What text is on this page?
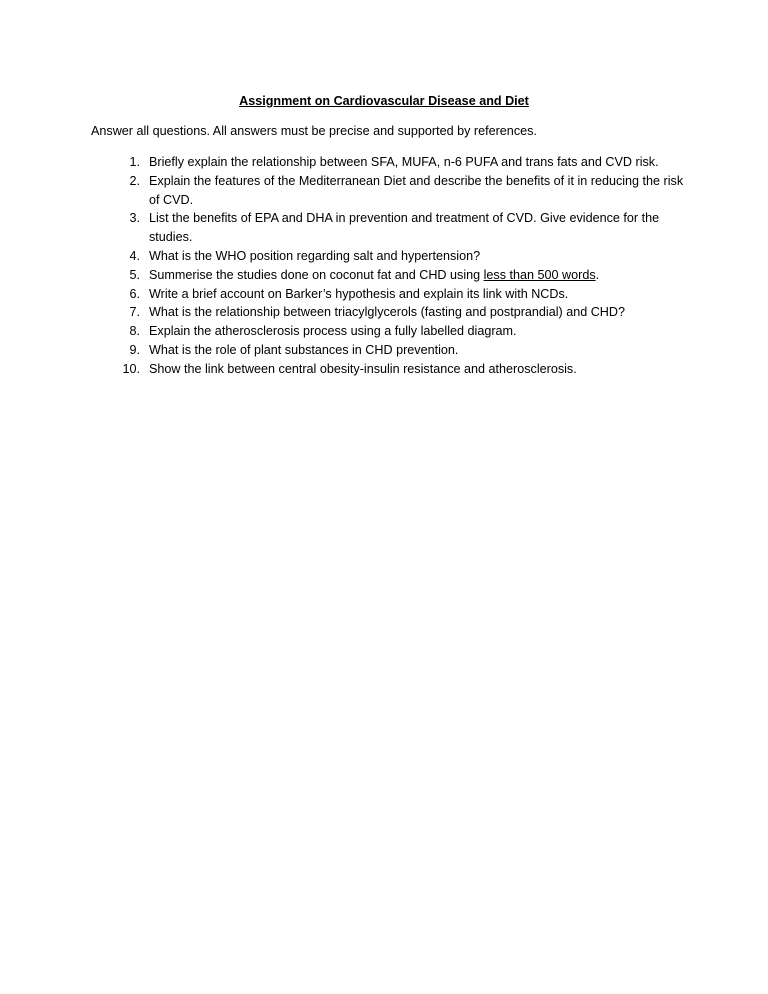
Assignment on Cardiovascular Disease and Diet
Answer all questions. All answers must be precise and supported by references.
1. Briefly explain the relationship between SFA, MUFA, n-6 PUFA and trans fats and CVD risk.
2. Explain the features of the Mediterranean Diet and describe the benefits of it in reducing the risk of CVD.
3. List the benefits of EPA and DHA in prevention and treatment of CVD. Give evidence for the studies.
4. What is the WHO position regarding salt and hypertension?
5. Summerise the studies done on coconut fat and CHD using less than 500 words.
6. Write a brief account on Barker’s hypothesis and explain its link with NCDs.
7. What is the relationship between triacylglycerols (fasting and postprandial) and CHD?
8. Explain the atherosclerosis process using a fully labelled diagram.
9. What is the role of plant substances in CHD prevention.
10. Show the link between central obesity-insulin resistance and atherosclerosis.
